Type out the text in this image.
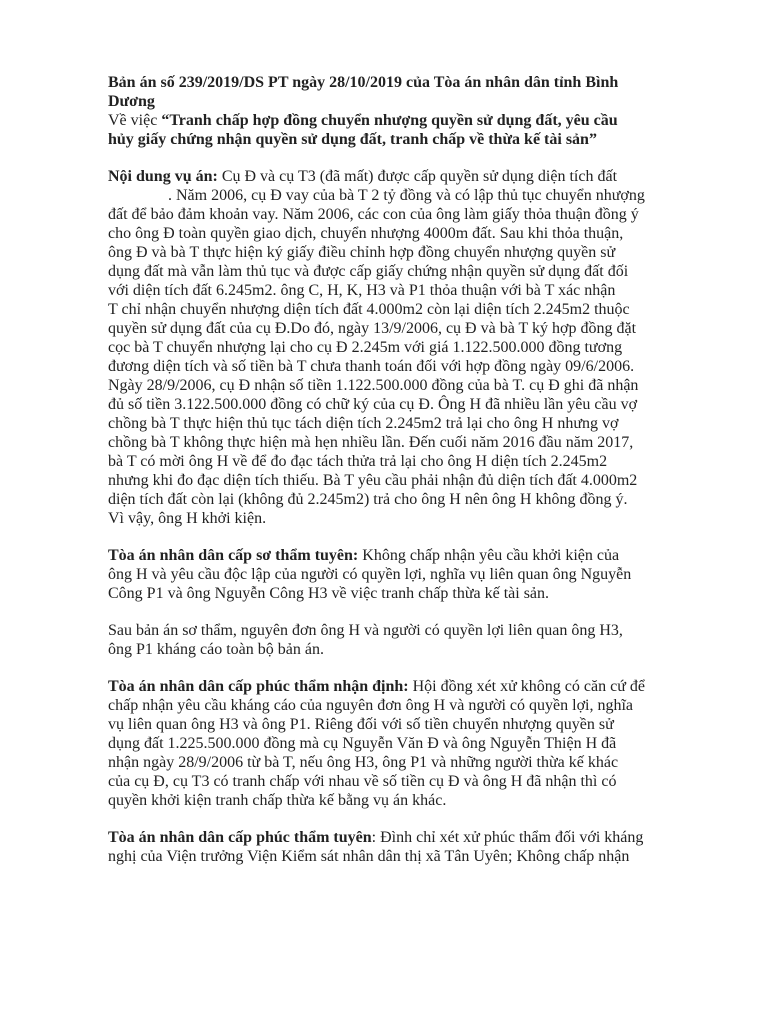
Bản án số 239/2019/DS PT ngày 28/10/2019 của Tòa án nhân dân tỉnh Bình
Dương
Về việc “Tranh chấp hợp đồng chuyển nhượng quyền sử dụng đất, yêu cầu
hủy giấy chứng nhận quyền sử dụng đất, tranh chấp về thừa kế tài sản”
Nội dung vụ án: Cụ Đ và cụ T3 (đã mất) được cấp quyền sử dụng diện tích đất
. Năm 2006, cụ Đ vay của bà T 2 tỷ đồng và có lập thủ tục chuyển nhượng
đất để bảo đảm khoản vay. Năm 2006, các con của ông làm giấy thỏa thuận đồng ý
cho ông Đ toàn quyền giao dịch, chuyển nhượng 4000m đất. Sau khi thỏa thuận,
ông Đ và bà T thực hiện ký giấy điều chỉnh hợp đồng chuyển nhượng quyền sử
dụng đất mà vẫn làm thủ tục và được cấp giấy chứng nhận quyền sử dụng đất đối
với diện tích đất 6.245m2. ông C, H, K, H3 và P1 thỏa thuận với bà T xác nhận
T chỉ nhận chuyển nhượng diện tích đất 4.000m2 còn lại diện tích 2.245m2 thuộc
quyền sử dụng đất của cụ Đ.Do đó, ngày 13/9/2006, cụ Đ và bà T ký hợp đồng đặt
cọc bà T chuyển nhượng lại cho cụ Đ 2.245m với giá 1.122.500.000 đồng tương
đương diện tích và số tiền bà T chưa thanh toán đối với hợp đồng ngày 09/6/2006.
Ngày 28/9/2006, cụ Đ nhận số tiền 1.122.500.000 đồng của bà T. cụ Đ ghi đã nhận
đủ số tiền 3.122.500.000 đồng có chữ ký của cụ Đ. Ông H đã nhiều lần yêu cầu vợ
chồng bà T thực hiện thủ tục tách diện tích 2.245m2 trả lại cho ông H nhưng vợ
chồng bà T không thực hiện mà hẹn nhiều lần. Đến cuối năm 2016 đầu năm 2017,
bà T có mời ông H về để đo đạc tách thửa trả lại cho ông H diện tích 2.245m2
nhưng khi đo đạc diện tích thiếu. Bà T yêu cầu phải nhận đủ diện tích đất 4.000m2
diện tích đất còn lại (không đủ 2.245m2) trả cho ông H nên ông H không đồng ý.
Vì vậy, ông H khởi kiện.
Tòa án nhân dân cấp sơ thẩm tuyên: Không chấp nhận yêu cầu khởi kiện của
ông H và yêu cầu độc lập của người có quyền lợi, nghĩa vụ liên quan ông Nguyễn
Công P1 và ông Nguyễn Công H3 về việc tranh chấp thừa kế tài sản.
Sau bản án sơ thẩm, nguyên đơn ông H và người có quyền lợi liên quan ông H3,
ông P1 kháng cáo toàn bộ bản án.
Tòa án nhân dân cấp phúc thẩm nhận định: Hội đồng xét xử không có căn cứ để
chấp nhận yêu cầu kháng cáo của nguyên đơn ông H và người có quyền lợi, nghĩa
vụ liên quan ông H3 và ông P1. Riêng đối với số tiền chuyển nhượng quyền sử
dụng đất 1.225.500.000 đồng mà cụ Nguyễn Văn Đ và ông Nguyễn Thiện H đã
nhận ngày 28/9/2006 từ bà T, nếu ông H3, ông P1 và những người thừa kế khác
của cụ Đ, cụ T3 có tranh chấp với nhau về số tiền cụ Đ và ông H đã nhận thì có
quyền khởi kiện tranh chấp thừa kế bằng vụ án khác.
Tòa án nhân dân cấp phúc thẩm tuyên: Đình chỉ xét xử phúc thẩm đối với kháng
nghị của Viện trưởng Viện Kiểm sát nhân dân thị xã Tân Uyên; Không chấp nhận
